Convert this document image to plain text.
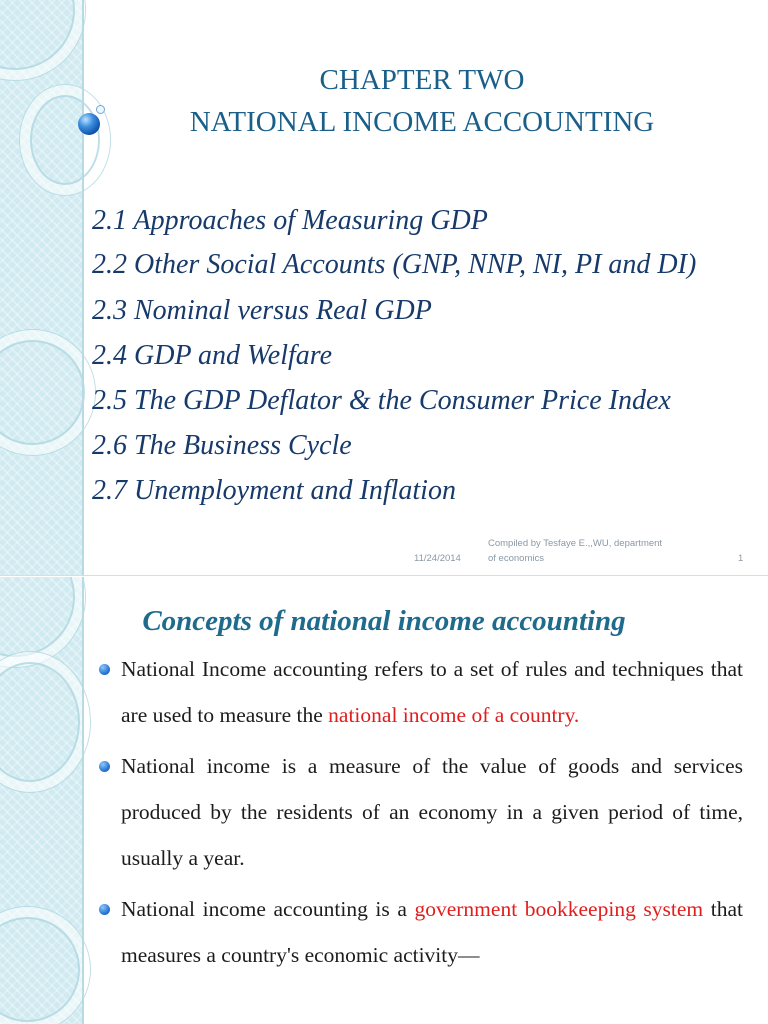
CHAPTER TWO
NATIONAL INCOME ACCOUNTING
2.1 Approaches of Measuring GDP
2.2 Other Social Accounts (GNP, NNP, NI, PI and DI)
2.3 Nominal versus Real GDP
2.4 GDP and Welfare
2.5 The GDP Deflator & the Consumer Price Index
2.6 The Business Cycle
2.7 Unemployment and Inflation
11/24/2014
Compiled by Tesfaye E.,,WU, department
of economics	1
Concepts of national income accounting
National Income accounting refers to a set of rules and techniques that are used to measure the national income of a country.
National income is a measure of the value of goods and services produced by the residents of an economy in a given period of time, usually a year.
National income accounting is a government bookkeeping system that measures a country's economic activity—
